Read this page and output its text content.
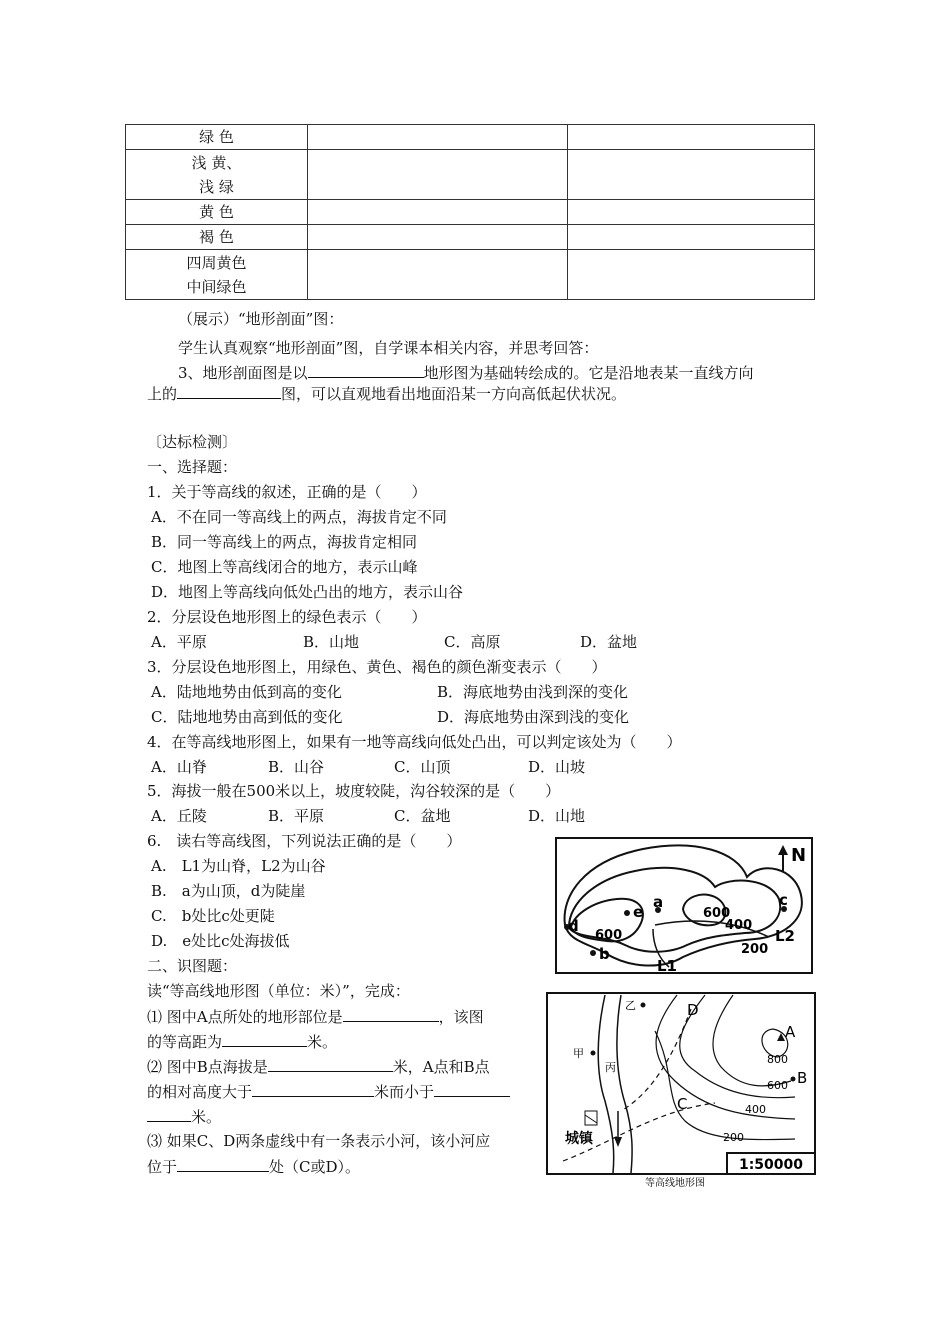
绿 色		

浅 黄、
浅 绿		

黄 色		
褐 色		

四周黄色
中间绿色		

（展示）“地形剖面”图：
学生认真观察“地形剖面”图，自学课本相关内容，并思考回答：
3、地形剖面图是以	地形图为基础转绘成的。它是沿地表某一直线方向
上的	图，可以直观地看出地面沿某一方向高低起伏状况。
〔达标检测〕
一、选择题：
1．关于等高线的叙述，正确的是（　　）
A．不在同一等高线上的两点，海拔肯定不同
B．同一等高线上的两点，海拔肯定相同
C．地图上等高线闭合的地方，表示山峰
D．地图上等高线向低处凸出的地方，表示山谷
2．分层设色地形图上的绿色表示（　　）
A．平原	B．山地	C．高原	D．盆地
3．分层设色地形图上，用绿色、黄色、褐色的颜色渐变表示（　　）
A．陆地地势由低到高的变化	B．海底地势由浅到深的变化
C．陆地地势由高到低的变化	D．海底地势由深到浅的变化
4．在等高线地形图上，如果有一地等高线向低处凸出，可以判定该处为（　　）
A．山脊	B．山谷	C．山顶	D．山坡
5．海拔一般在500米以上，坡度较陡，沟谷较深的是（　　）
A．丘陵	B．平原	C．盆地	D．山地
6.　读右等高线图，下列说法正确的是（　　）
A.　L1为山脊，L2为山谷
B.　a为山顶，d为陡崖
C.　b处比c处更陡
D.　e处比c处海拔低
二、识图题：
读“等高线地形图（单位：米）”，完成：
⑴ 图中A点所处的地形部位是	，该图
的等高距为	米。
⑵ 图中B点海拔是	米，A点和B点
的相对高度大于	米而小于
米。
⑶ 如果C、D两条虚线中有一条表示小河，该小河应
位于	处（C或D）。
N
d
b
e
a	c
600
400
200
600
L2
L1
乙
甲
丙
A
B
C
D
800
600
400
200
城镇
1:50000
等高线地形图
